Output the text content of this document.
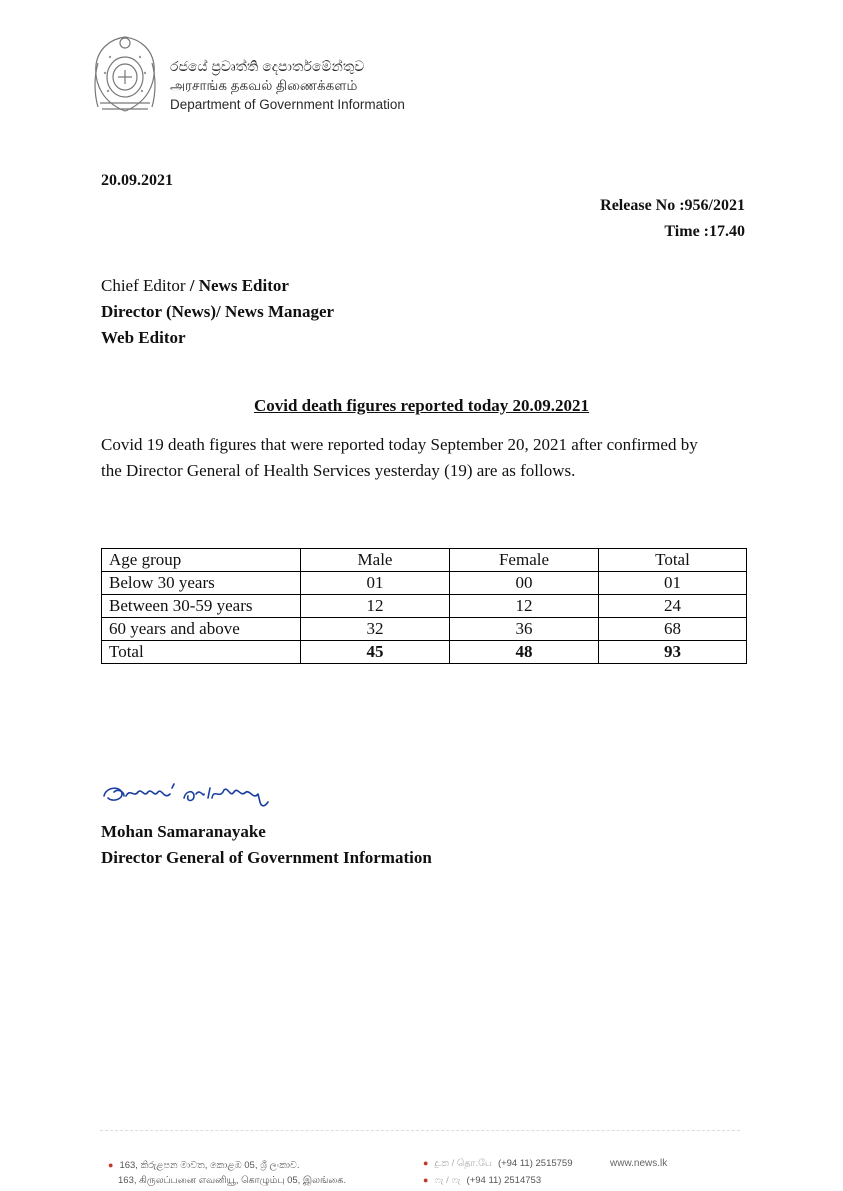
රජයේ ප්‍රවෘත්ති දෙපාර්තමේන්තුව
அரசாங்க தகவல் திணைக்களம்
Department of Government Information
20.09.2021
Release No :956/2021
Time :17.40
Chief Editor / News Editor
Director (News)/ News Manager
Web Editor
Covid death figures reported today 20.09.2021
Covid 19 death figures that were reported today September 20, 2021 after confirmed by the Director General of Health Services yesterday (19) are as follows.
Age group	Male	Female	Total
Below 30 years	01	00	01
Between 30-59 years	12	12	24
60 years and above	32	36	68
Total	45	48	93
Mohan Samaranayake
Director General of Government Information
● 163, කිරුළපන මාවත, කොළඹ 05, ශ්‍රී ලංකාව.
163, கிருலப்பனை எவனியூ, கொழும்பு 05, இலங்கை.
● දු.ක / தொ.பே (+94 11) 2515759
● ෆැ / ෆැ (+94 11) 2514753
www.news.lk
